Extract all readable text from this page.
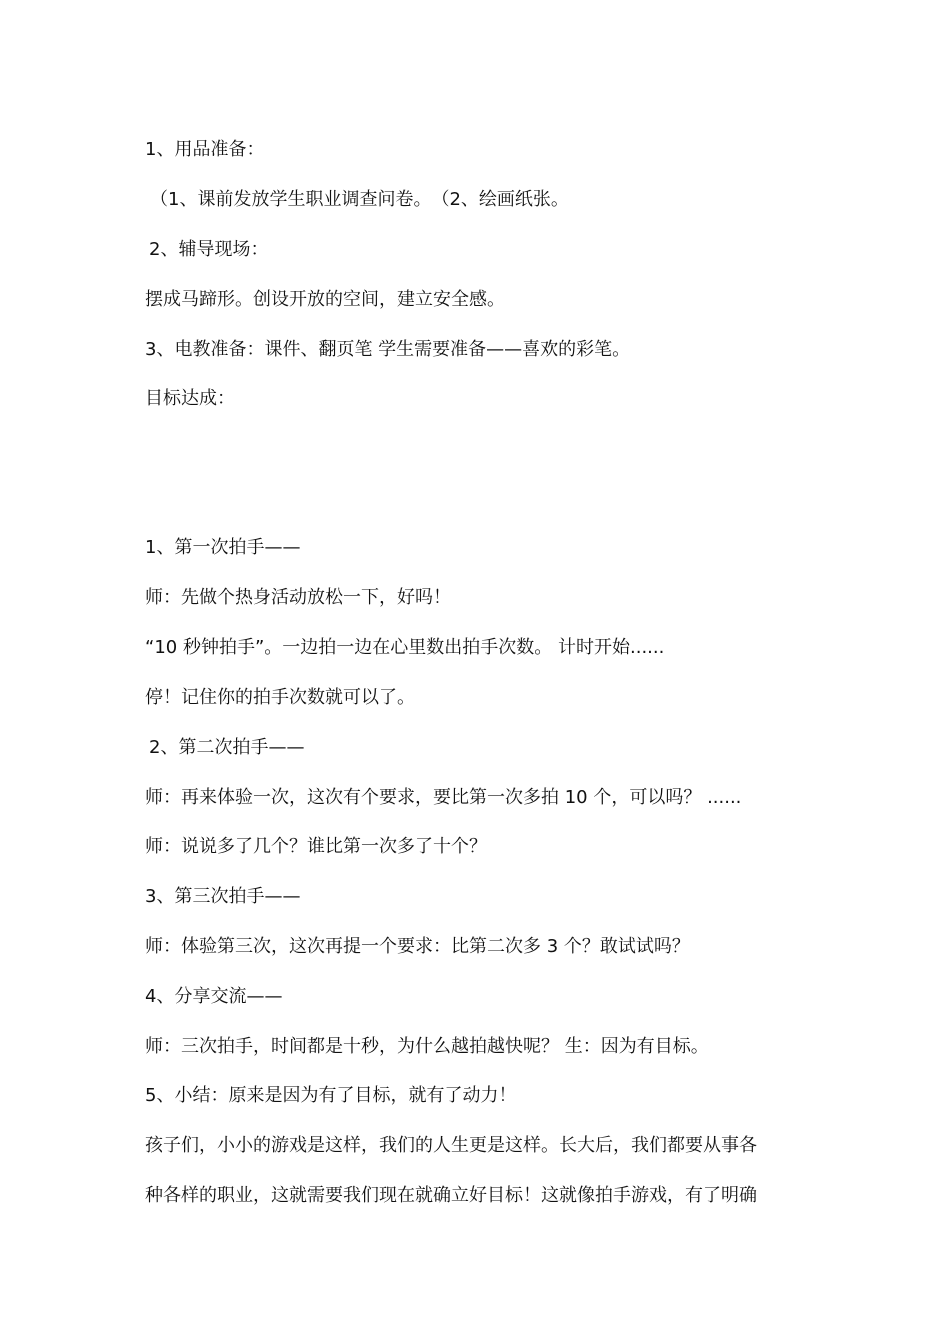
1、用品准备：
（1、课前发放学生职业调查问卷。　（2、绘画纸张。
2、辅导现场：
摆成马蹄形。创设开放的空间，建立安全感。
3、电教准备：课件、翻页笔 学生需要准备——喜欢的彩笔。
目标达成：
1、第一次拍手——
师：先做个热身活动放松一下，好吗！
“10 秒钟拍手”。一边拍一边在心里数出拍手次数。 计时开始......
停！记住你的拍手次数就可以了。
2、第二次拍手——
师：再来体验一次，这次有个要求，要比第一次多拍 10 个，可以吗？ ......
师：说说多了几个？谁比第一次多了十个？
3、第三次拍手——
师：体验第三次，这次再提一个要求：比第二次多 3 个？敢试试吗？
4、分享交流——
师：三次拍手，时间都是十秒，为什么越拍越快呢？ 生：因为有目标。
5、小结：原来是因为有了目标，就有了动力！
孩子们，小小的游戏是这样，我们的人生更是这样。长大后，我们都要从事各
种各样的职业，这就需要我们现在就确立好目标！这就像拍手游戏，有了明确
